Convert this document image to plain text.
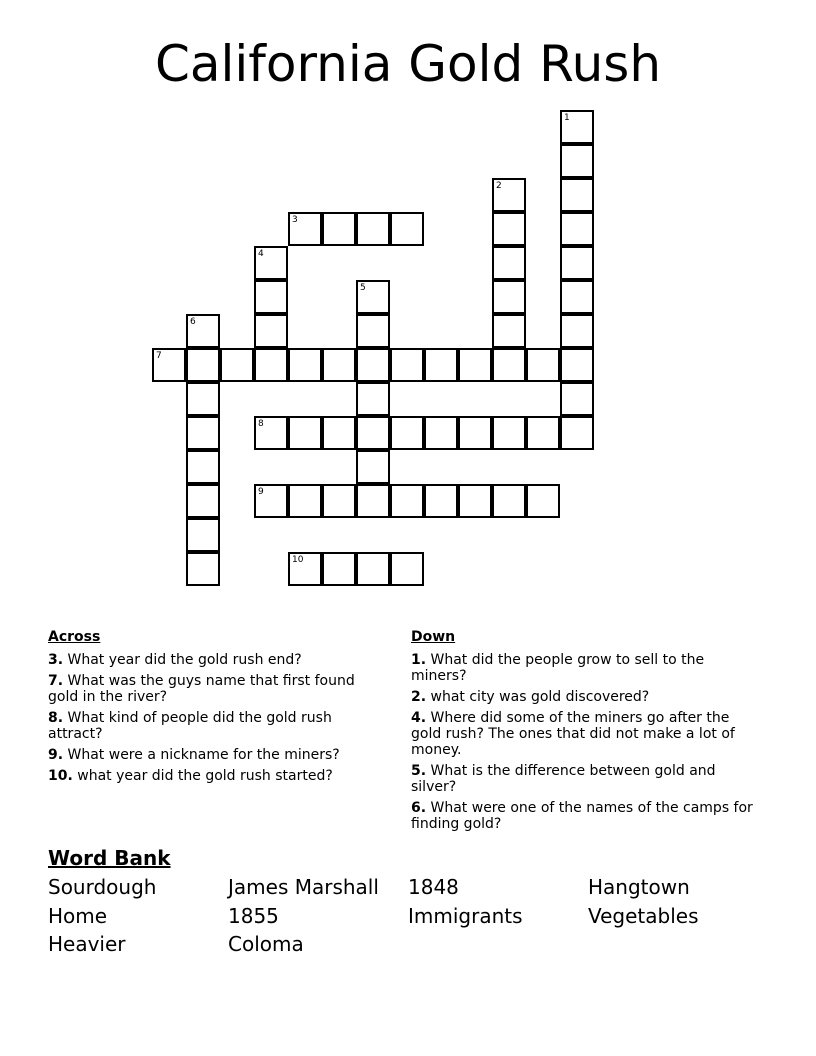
California Gold Rush
1
2
3
4
5
6
7
8
9
10
Across
3. What year did the gold rush end?
7. What was the guys name that first found gold in the river?
8. What kind of people did the gold rush attract?
9. What were a nickname for the miners?
10. what year did the gold rush started?
Down
1. What did the people grow to sell to the miners?
2. what city was gold discovered?
4. Where did some of the miners go after the gold rush? The ones that did not make a lot of money.
5. What is the difference between gold and silver?
6. What were one of the names of the camps for finding gold?
Word Bank
Sourdough	James Marshall	1848	Hangtown
Home	1855	Immigrants	Vegetables
Heavier	Coloma
